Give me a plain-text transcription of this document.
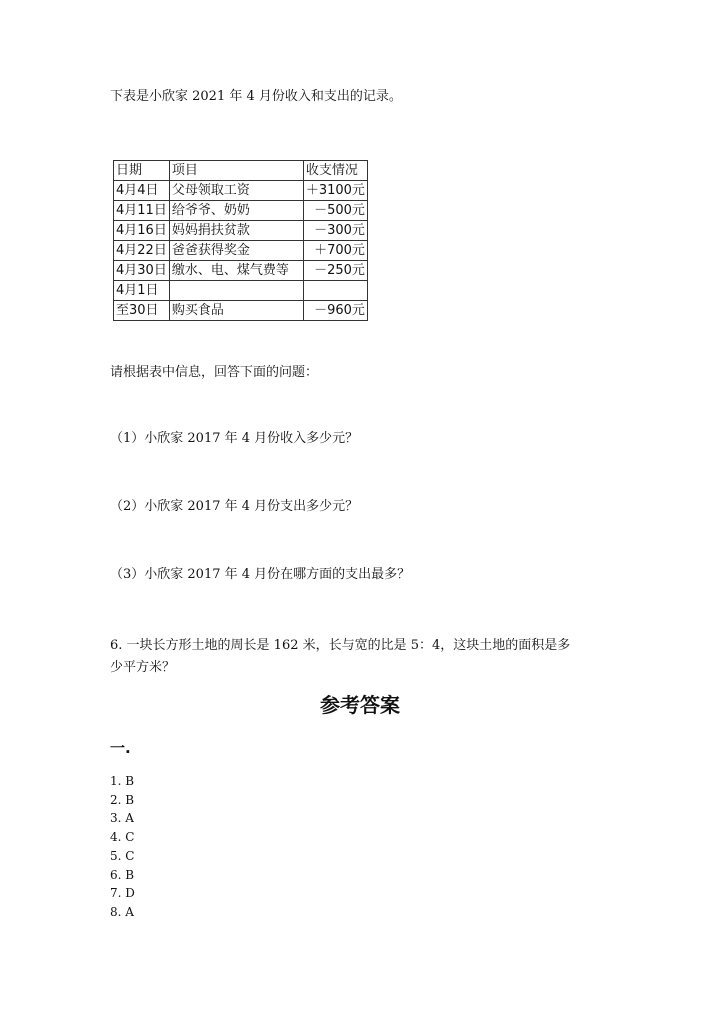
下表是小欣家 2021 年 4 月份收入和支出的记录。
日期	项目	收支情况
4月4日	父母领取工资	＋3100元
4月11日	给爷爷、奶奶	－500元
4月16日	妈妈捐扶贫款	－300元
4月22日	爸爸获得奖金	＋700元
4月30日	缴水、电、煤气费等	－250元
4月1日		
至30日	购买食品	－960元
请根据表中信息，回答下面的问题：
（1）小欣家 2017 年 4 月份收入多少元？
（2）小欣家 2017 年 4 月份支出多少元？
（3）小欣家 2017 年 4 月份在哪方面的支出最多？
6. 一块长方形土地的周长是 162 米，长与宽的比是 5：4，这块土地的面积是多
少平方米？
参考答案
一.
1. B
2. B
3. A
4. C
5. C
6. B
7. D
8. A
